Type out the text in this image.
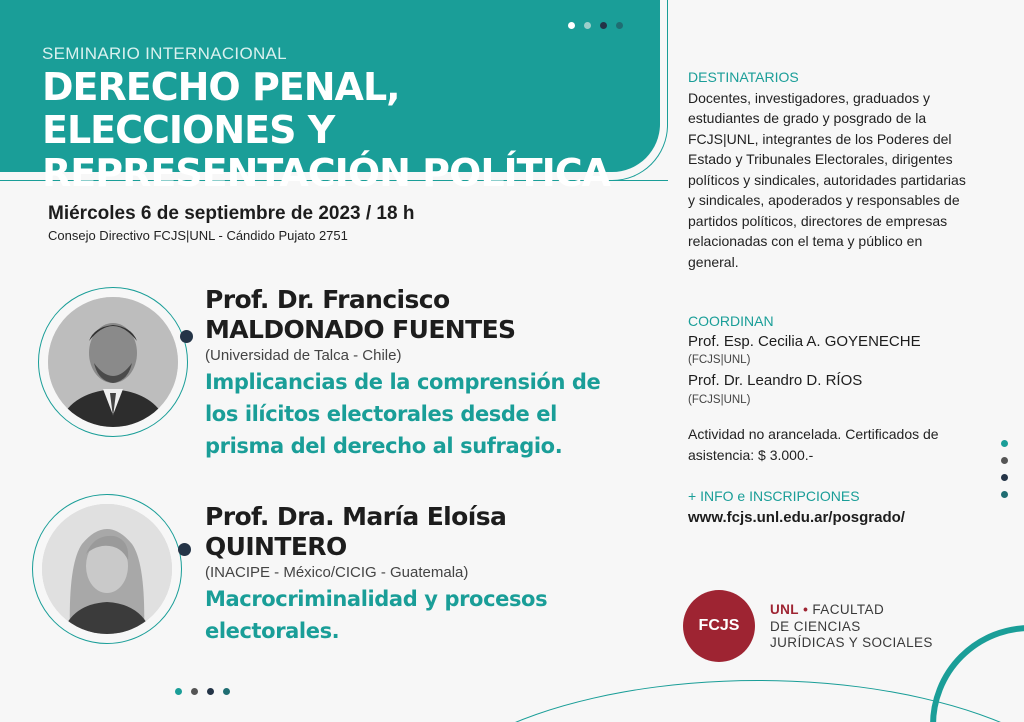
SEMINARIO INTERNACIONAL
DERECHO PENAL, ELECCIONES Y REPRESENTACIÓN POLÍTICA
Miércoles 6 de septiembre de 2023 / 18 h
Consejo Directivo FCJS|UNL - Cándido Pujato 2751
Prof. Dr. Francisco
MALDONADO FUENTES
(Universidad de Talca - Chile)
Implicancias de la comprensión de los ilícitos electorales desde el prisma del derecho al sufragio.
Prof. Dra. María Eloísa
QUINTERO
(INACIPE - México/CICIG - Guatemala)
Macrocriminalidad y procesos electorales.
DESTINATARIOS
Docentes, investigadores, graduados y estudiantes de grado y posgrado de la FCJS|UNL, integrantes de los Poderes del Estado y Tribunales Electorales, dirigentes políticos y sindicales, autoridades partidarias y sindicales, apoderados y responsables de partidos políticos, directores de empresas relacionadas con el tema y público en general.
COORDINAN
Prof. Esp. Cecilia A. GOYENECHE
(FCJS|UNL)
Prof. Dr. Leandro D. RÍOS
(FCJS|UNL)
Actividad no arancelada. Certificados de asistencia: $ 3.000.-
+ INFO e INSCRIPCIONES
www.fcjs.unl.edu.ar/posgrado/
FCJS
UNL • FACULTAD
DE CIENCIAS
JURÍDICAS Y SOCIALES
